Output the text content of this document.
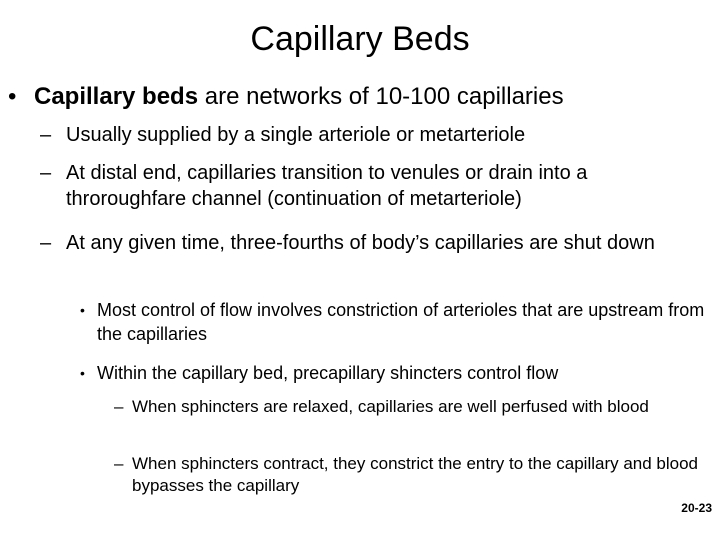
Capillary Beds
• Capillary beds are networks of 10-100 capillaries
– Usually supplied by a single arteriole or metarteriole
– At distal end, capillaries transition to venules or drain into a throroughfare channel (continuation of metarteriole)
– At any given time, three-fourths of body’s capillaries are shut down
• Most control of flow involves constriction of arterioles that are upstream from the capillaries
• Within the capillary bed, precapillary shincters control flow
– When sphincters are relaxed, capillaries are well perfused with blood
– When sphincters contract, they constrict the entry to the capillary and blood bypasses the capillary
20-23
